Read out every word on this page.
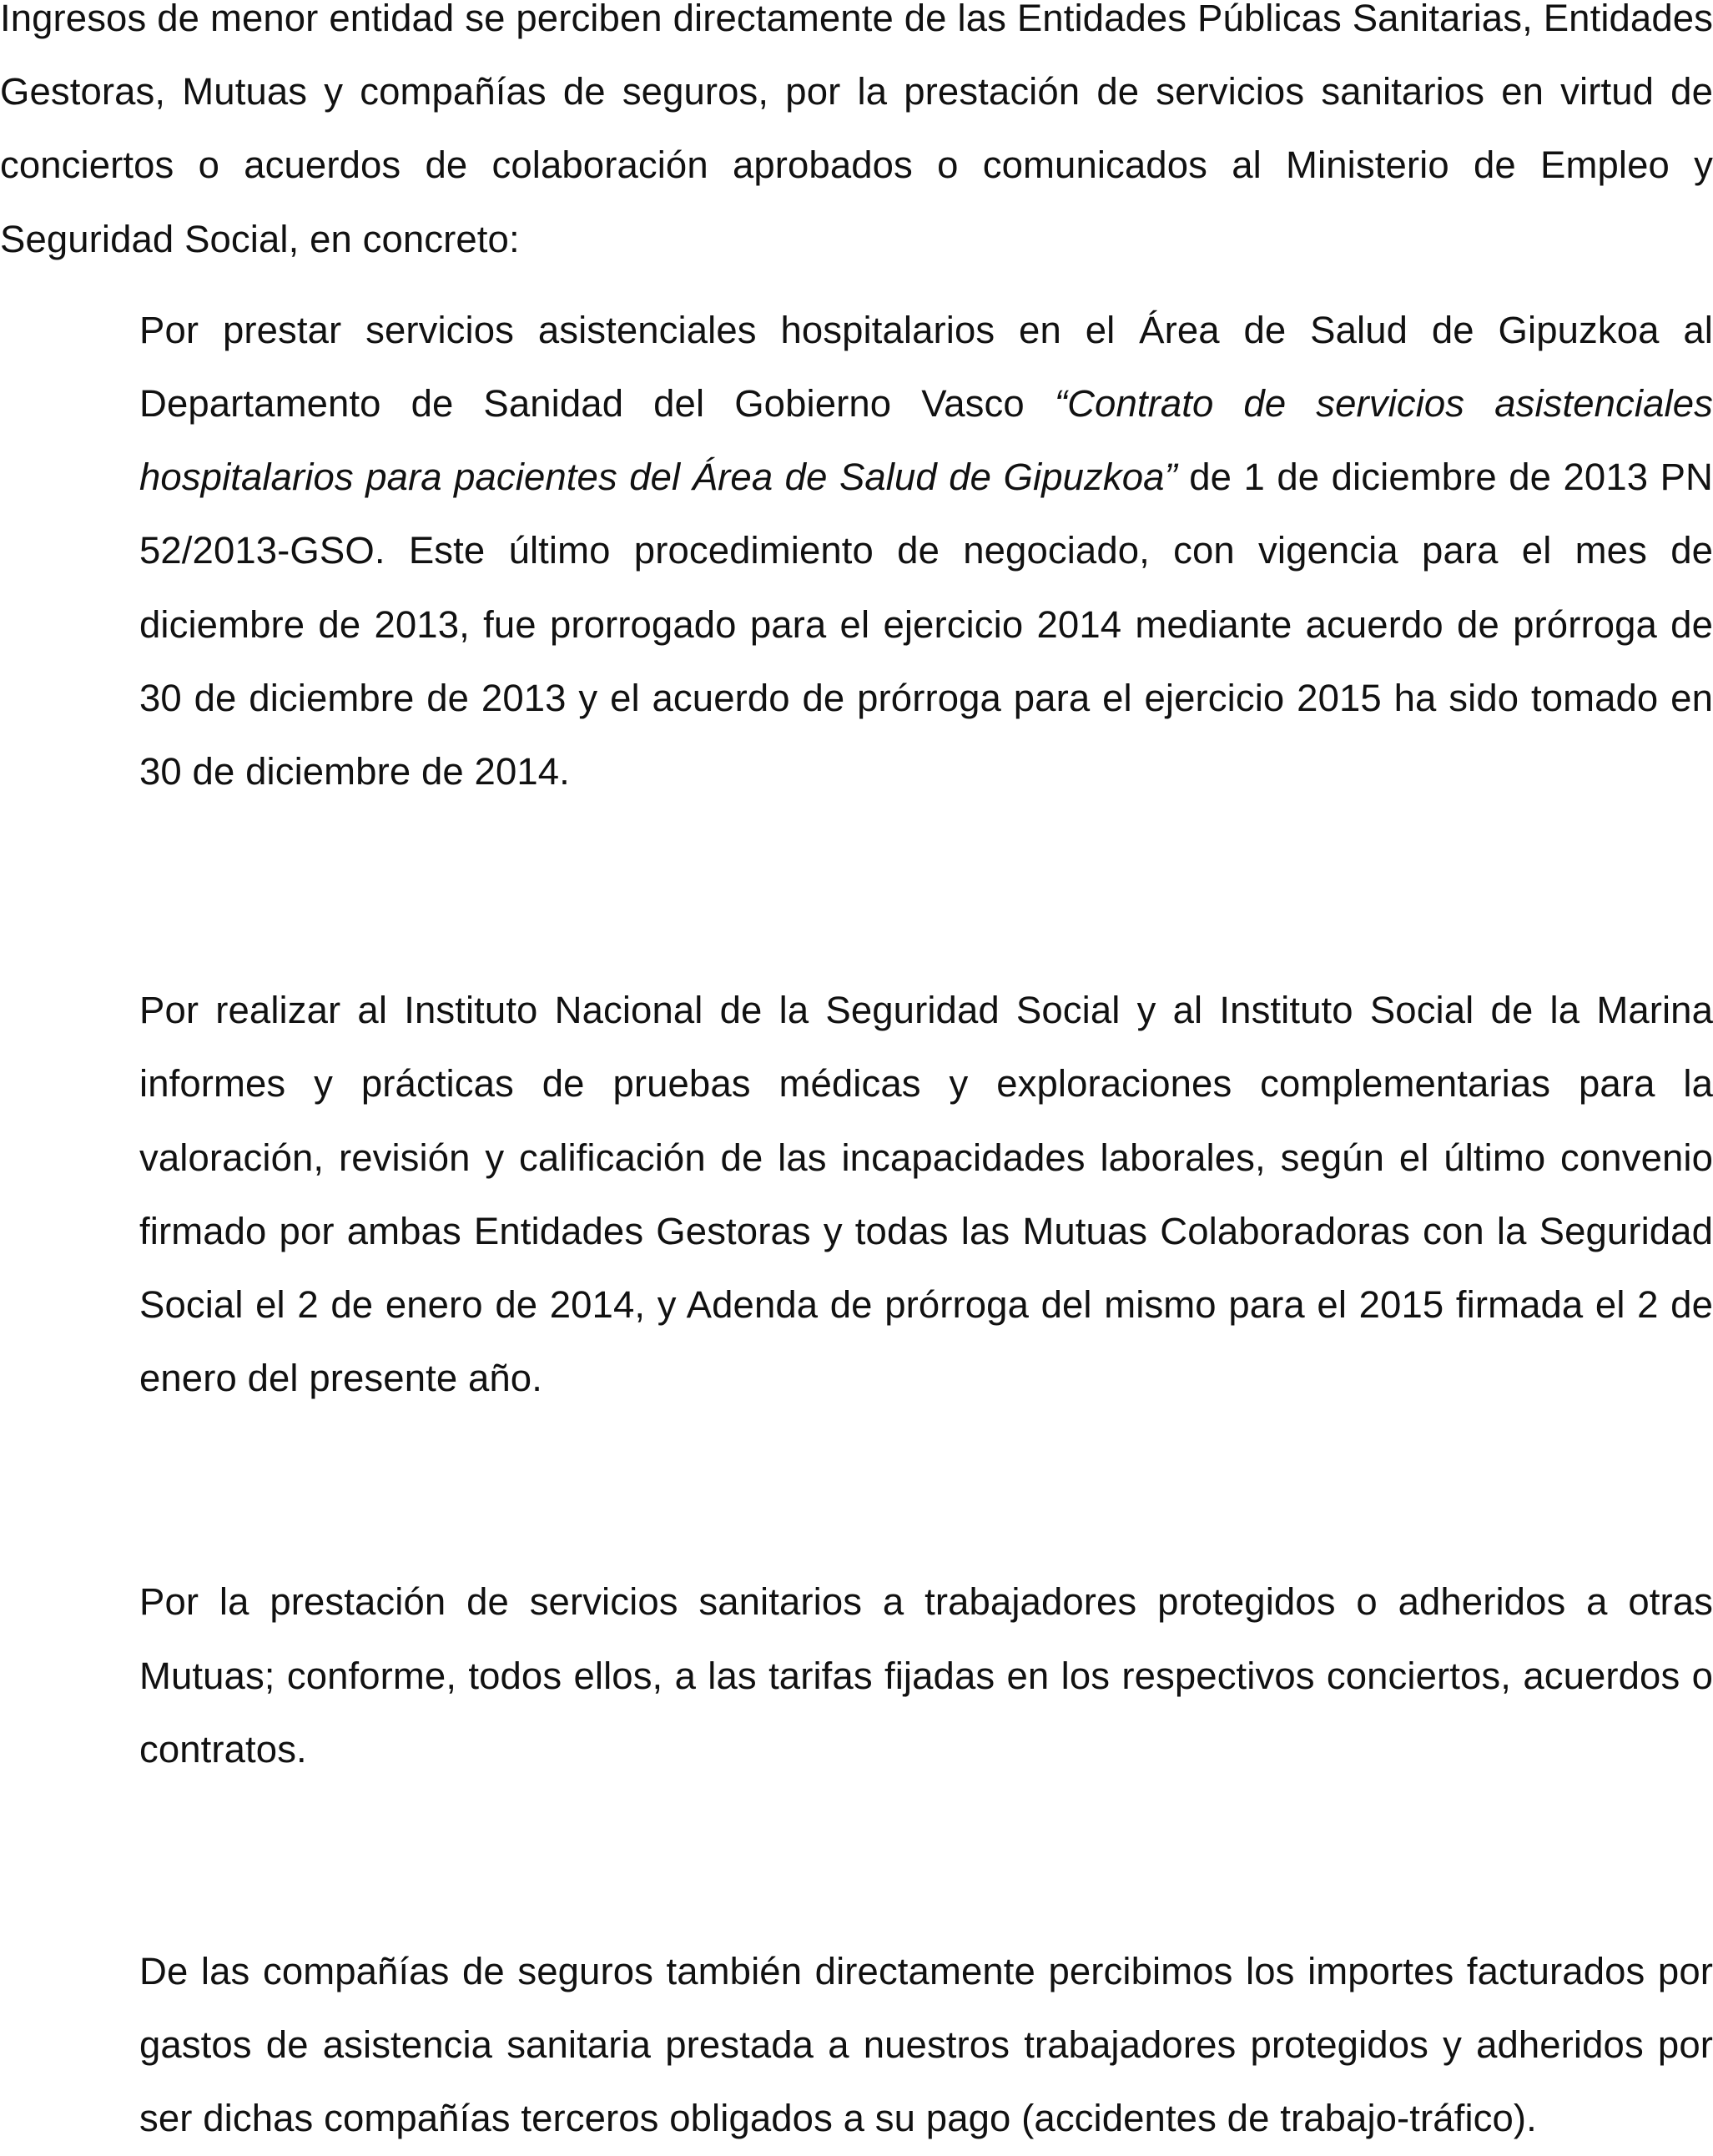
Ingresos de menor entidad se perciben directamente de las Entidades Públicas Sanitarias, Entidades Gestoras, Mutuas y compañías de seguros, por la prestación de servicios sanitarios en virtud de conciertos o acuerdos de colaboración aprobados o comunicados al Ministerio de Empleo y Seguridad Social, en concreto:

Por prestar servicios asistenciales hospitalarios en el Área de Salud de Gipuzkoa al Departamento de Sanidad del Gobierno Vasco “Contrato de servicios asistenciales hospitalarios para pacientes del Área de Salud de Gipuzkoa” de 1 de diciembre de 2013 PN 52/2013-GSO. Este último procedimiento de negociado, con vigencia para el mes de diciembre de 2013, fue prorrogado para el ejercicio 2014 mediante acuerdo de prórroga de 30 de diciembre de 2013 y el acuerdo de prórroga para el ejercicio 2015 ha sido tomado en 30 de diciembre de 2014.

Por realizar al Instituto Nacional de la Seguridad Social y al Instituto Social de la Marina informes y prácticas de pruebas médicas y exploraciones complementarias para la valoración, revisión y calificación de las incapacidades laborales, según el último convenio firmado por ambas Entidades Gestoras y todas las Mutuas Colaboradoras con la Seguridad Social el 2 de enero de 2014, y Adenda de prórroga del mismo para el 2015 firmada el 2 de enero del presente año.

Por la prestación de servicios sanitarios a trabajadores protegidos o adheridos a otras Mutuas; conforme, todos ellos, a las tarifas fijadas en los respectivos conciertos, acuerdos o contratos.

De las compañías de seguros también directamente percibimos los importes facturados por gastos de asistencia sanitaria prestada a nuestros trabajadores protegidos y adheridos por ser dichas compañías terceros obligados a su pago (accidentes de trabajo-tráfico).
